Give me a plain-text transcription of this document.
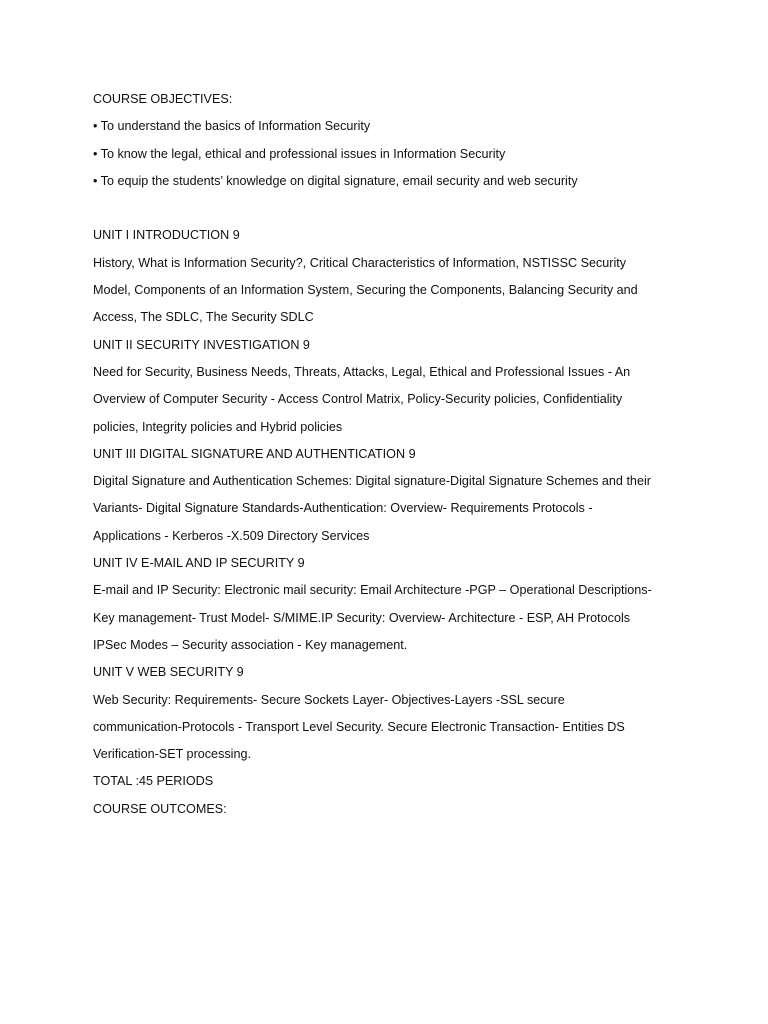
COURSE OBJECTIVES:
• To understand the basics of Information Security
• To know the legal, ethical and professional issues in Information Security
• To equip the students’ knowledge on digital signature, email security and web security
UNIT I INTRODUCTION 9
History, What is Information Security?, Critical Characteristics of Information, NSTISSC Security
Model, Components of an Information System, Securing the Components, Balancing Security and
Access, The SDLC, The Security SDLC
UNIT II SECURITY INVESTIGATION 9
Need for Security, Business Needs, Threats, Attacks, Legal, Ethical and Professional Issues - An
Overview of Computer Security - Access Control Matrix, Policy-Security policies, Confidentiality
policies, Integrity policies and Hybrid policies
UNIT III DIGITAL SIGNATURE AND AUTHENTICATION 9
Digital Signature and Authentication Schemes: Digital signature-Digital Signature Schemes and their
Variants- Digital Signature Standards-Authentication: Overview- Requirements Protocols -
Applications - Kerberos -X.509 Directory Services
UNIT IV E-MAIL AND IP SECURITY 9
E-mail and IP Security: Electronic mail security: Email Architecture -PGP – Operational Descriptions-
Key management- Trust Model- S/MIME.IP Security: Overview- Architecture - ESP, AH Protocols
IPSec Modes – Security association - Key management.
UNIT V WEB SECURITY 9
Web Security: Requirements- Secure Sockets Layer- Objectives-Layers -SSL secure
communication-Protocols - Transport Level Security. Secure Electronic Transaction- Entities DS
Verification-SET processing.
TOTAL :45 PERIODS
COURSE OUTCOMES:
